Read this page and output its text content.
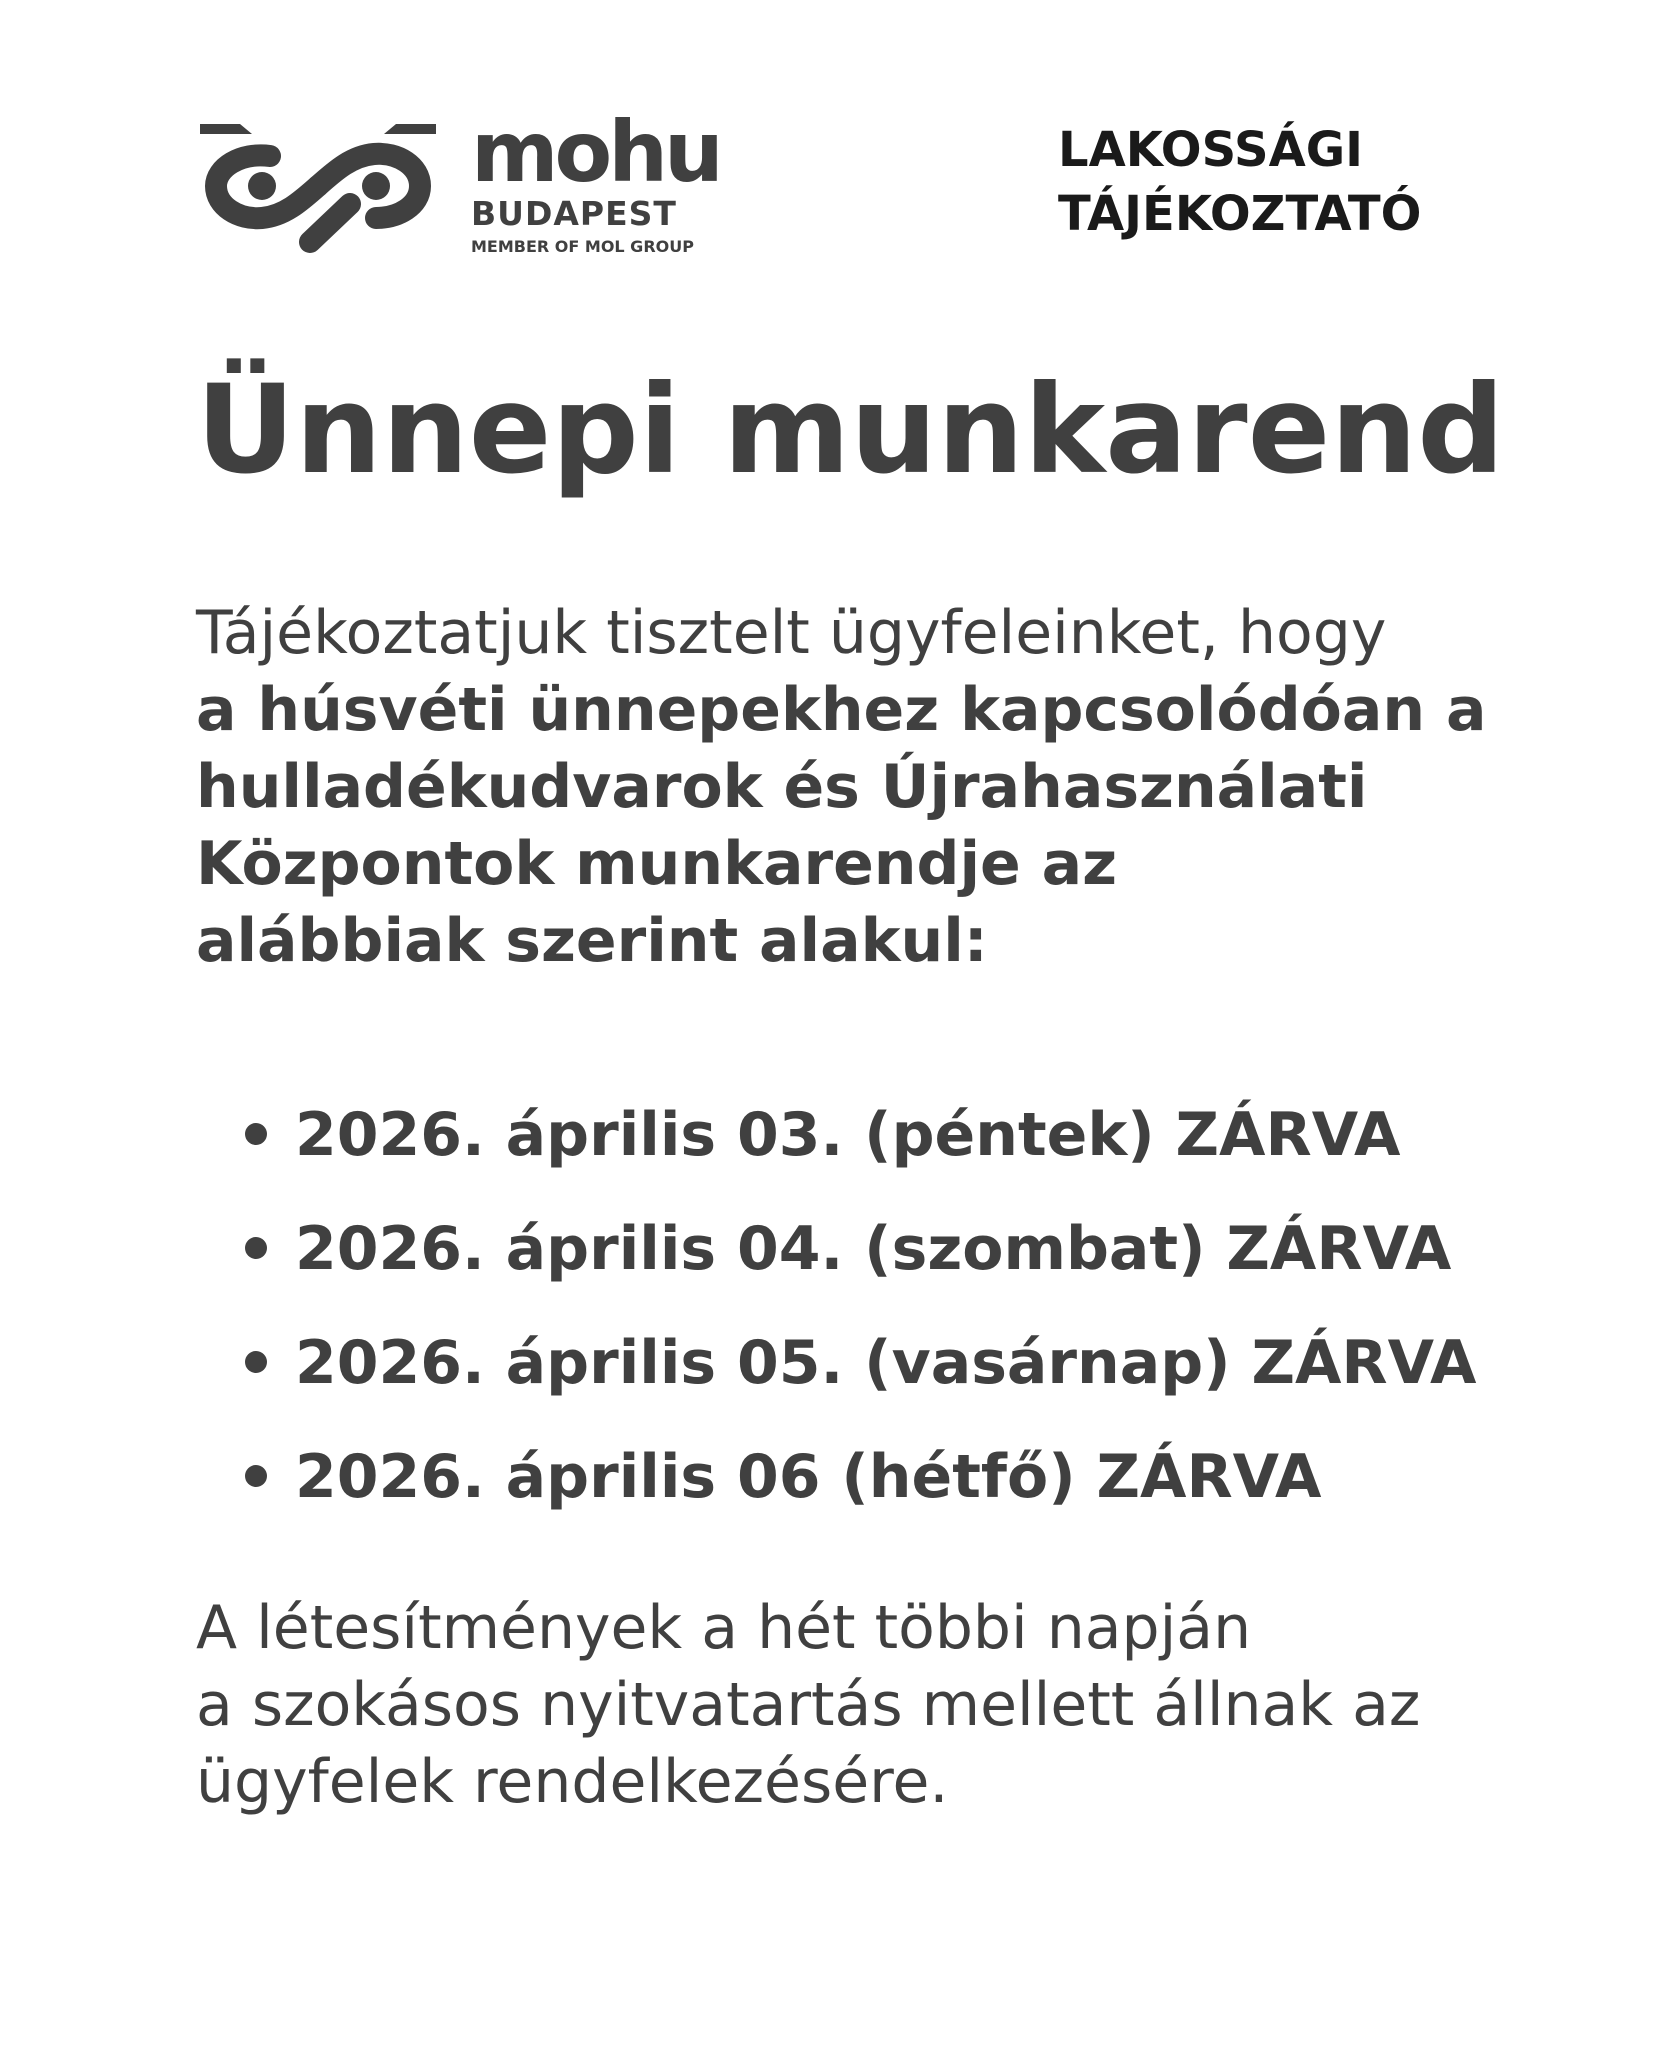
mohu
BUDAPEST
MEMBER OF MOL GROUP
LAKOSSÁGI
TÁJÉKOZTATÓ
Ünnepi munkarend

Tájékoztatjuk tisztelt ügyfeleinket, hogy
a húsvéti ünnepekhez kapcsolódóan a
hulladékudvarok és Újrahasználati
Központok munkarendje az
alábbiak szerint alakul:

2026. április 03. (péntek) ZÁRVA
2026. április 04. (szombat) ZÁRVA
2026. április 05. (vasárnap) ZÁRVA
2026. április 06 (hétfő) ZÁRVA

A létesítmények a hét többi napján
a szokásos nyitvatartás mellett állnak az
ügyfelek rendelkezésére.
